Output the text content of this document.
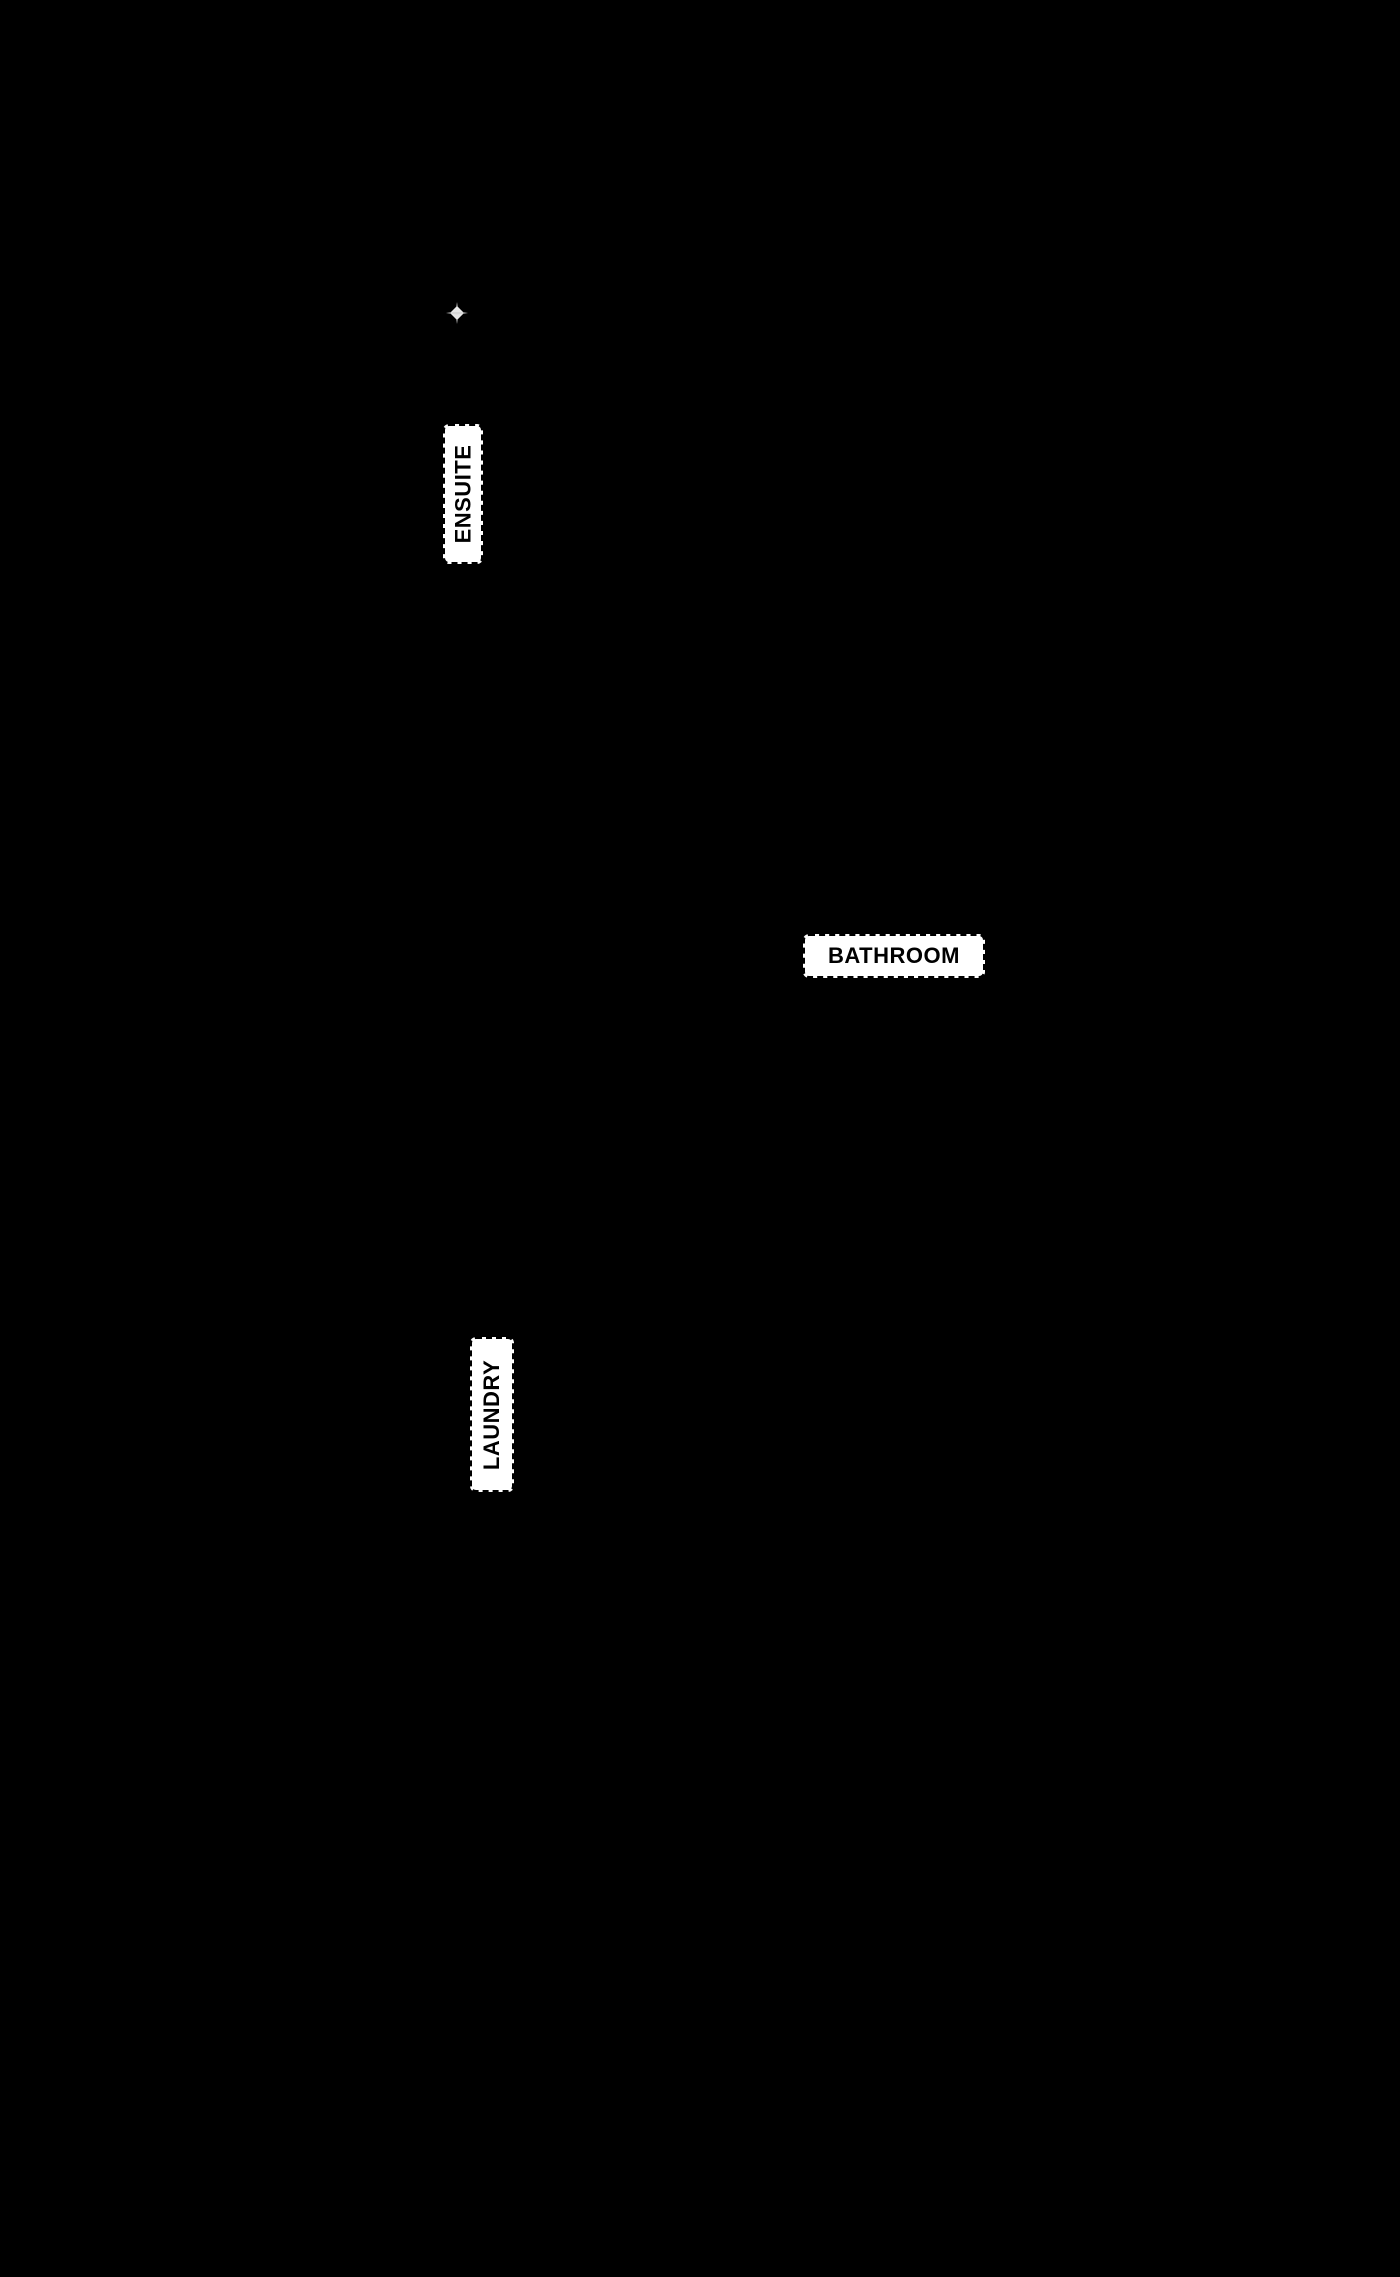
ENSUITE
BATHROOM
LAUNDRY
